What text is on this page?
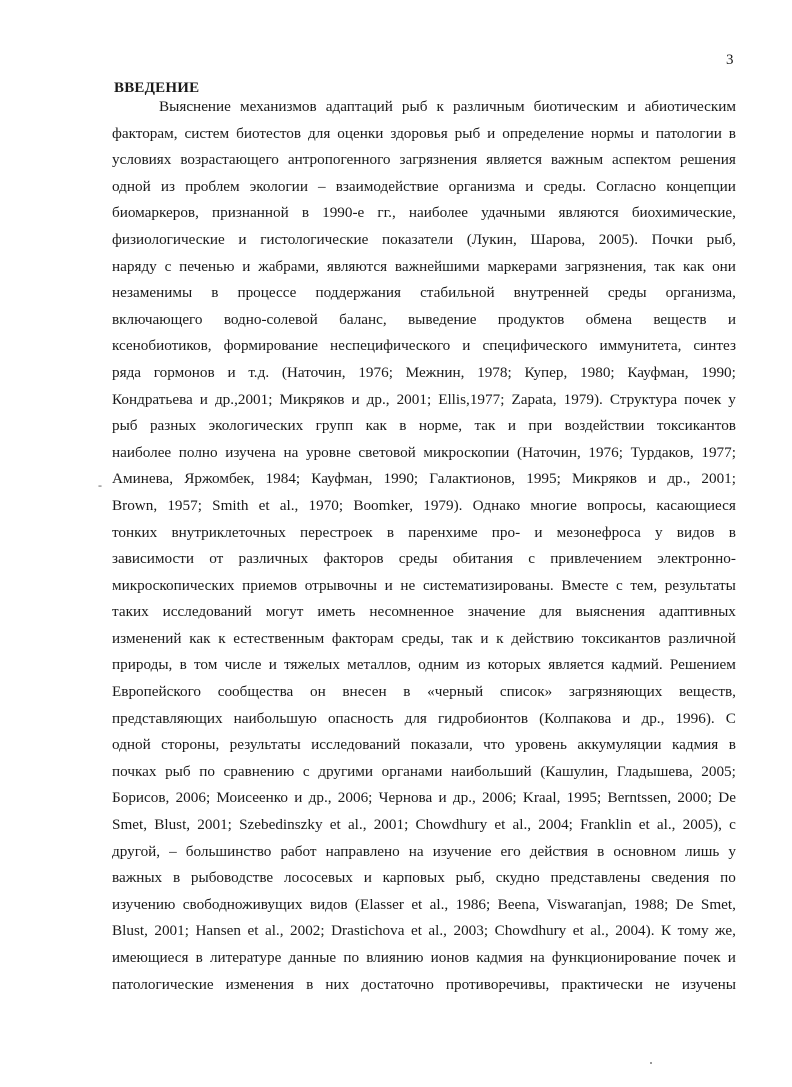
3
ВВЕДЕНИЕ
-
Выяснение механизмов адаптаций рыб к различным биотическим и абиотическим
факторам, систем биотестов для оценки здоровья рыб и определение нормы и патологии в
условиях возрастающего антропогенного загрязнения является важным аспектом решения
одной из проблем экологии – взаимодействие организма и среды. Согласно концепции
биомаркеров, признанной в 1990-е гг., наиболее удачными являются биохимические,
физиологические и гистологические показатели (Лукин, Шарова, 2005). Почки рыб,
наряду с печенью и жабрами, являются важнейшими маркерами загрязнения, так как они
незаменимы в процессе поддержания стабильной внутренней среды организма,
включающего водно-солевой баланс, выведение продуктов обмена веществ и
ксенобиотиков, формирование неспецифического и специфического иммунитета, синтез
ряда гормонов и т.д. (Наточин, 1976; Межнин, 1978; Купер, 1980; Кауфман, 1990;
Кондратьева и др.,2001; Микряков и др., 2001; Ellis,1977; Zapata, 1979). Структура почек у
рыб разных экологических групп как в норме, так и при воздействии токсикантов
наиболее полно изучена на уровне световой микроскопии (Наточин, 1976; Турдаков, 1977;
Аминева, Яржомбек, 1984; Кауфман, 1990; Галактионов, 1995; Микряков и др., 2001;
Brown, 1957; Smith et al., 1970; Boomker, 1979). Однако многие вопросы, касающиеся
тонких внутриклеточных перестроек в паренхиме про- и мезонефроса у видов в
зависимости от различных факторов среды обитания с привлечением электронно-
микроскопических приемов отрывочны и не систематизированы. Вместе с тем, результаты
таких исследований могут иметь несомненное значение для выяснения адаптивных
изменений как к естественным факторам среды, так и к действию токсикантов различной
природы, в том числе и тяжелых металлов, одним из которых является кадмий. Решением
Европейского сообщества он внесен в «черный список» загрязняющих веществ,
представляющих наибольшую опасность для гидробионтов (Колпакова и др., 1996). С
одной стороны, результаты исследований показали, что уровень аккумуляции кадмия в
почках рыб по сравнению с другими органами наибольший (Кашулин, Гладышева, 2005;
Борисов, 2006; Моисеенко и др., 2006; Чернова и др., 2006; Kraal, 1995; Berntssen, 2000; De
Smet, Blust, 2001; Szebedinszky et al., 2001; Chowdhury et al., 2004; Franklin et al., 2005), с
другой, – большинство работ направлено на изучение его действия в основном лишь у
важных в рыбоводстве лососевых и карповых рыб, скудно представлены сведения по
изучению свободноживущих видов (Elasser et al., 1986; Beena, Viswaranjan, 1988; De Smet,
Blust, 2001; Hansen et al., 2002; Drastichova et al., 2003; Chowdhury et al., 2004). К тому же,
имеющиеся в литературе данные по влиянию ионов кадмия на функционирование почек и
патологические изменения в них достаточно противоречивы, практически не изучены
